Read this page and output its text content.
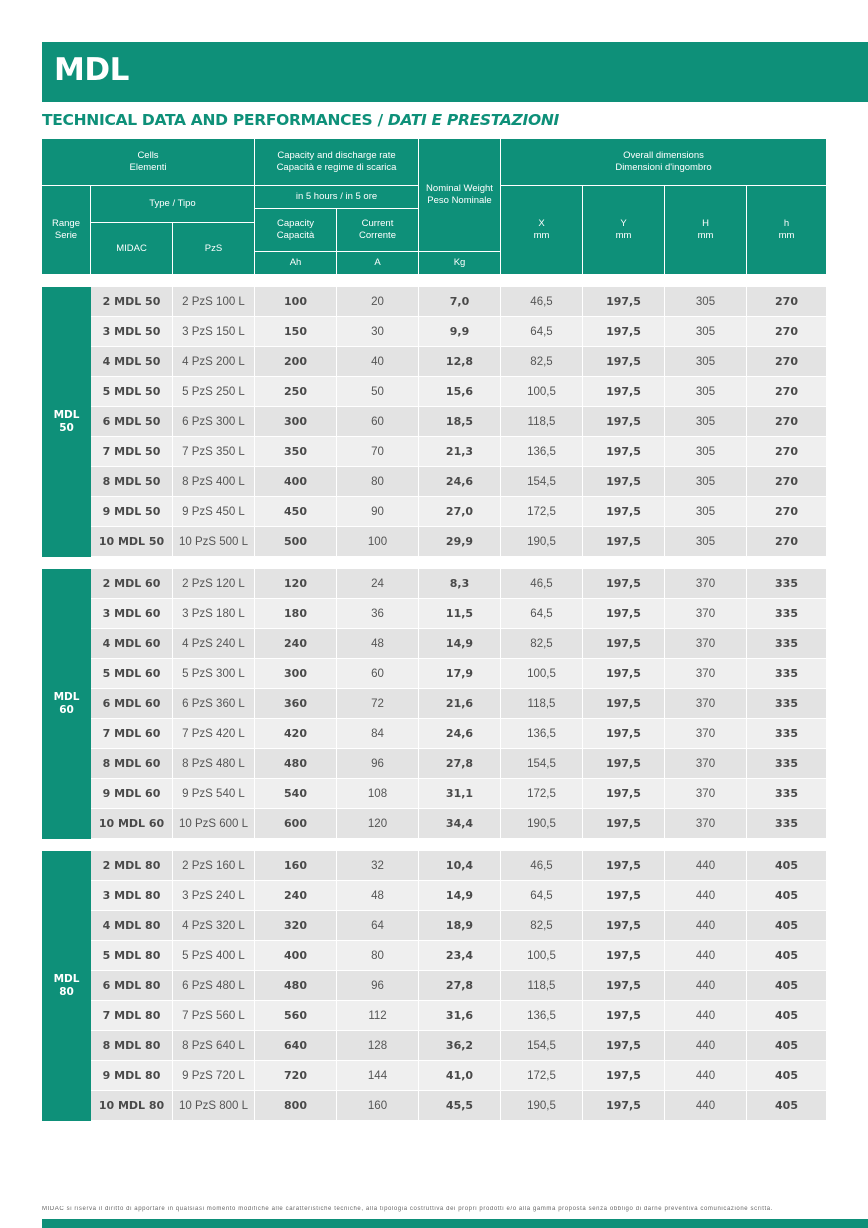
MDL
TECHNICAL DATA AND PERFORMANCES / DATI E PRESTAZIONI
Cells
Elementi
Capacity and discharge rate
Capacità e regime di scarica
Nominal Weight
Peso Nominale
Overall dimensions
Dimensioni d'ingombro
Range
Serie
Type / Tipo
in 5 hours / in 5 ore
MIDAC	PzS
Capacity
Capacità
Current
Corrente
Ah	A	Kg
X
mm
Y
mm
H
mm
h
mm
MDL
50
2 MDL 50	2 PzS 100 L	100	20	7,0	46,5	197,5	305	270
3 MDL 50	3 PzS 150 L	150	30	9,9	64,5	197,5	305	270
4 MDL 50	4 PzS 200 L	200	40	12,8	82,5	197,5	305	270
5 MDL 50	5 PzS 250 L	250	50	15,6	100,5	197,5	305	270
6 MDL 50	6 PzS 300 L	300	60	18,5	118,5	197,5	305	270
7 MDL 50	7 PzS 350 L	350	70	21,3	136,5	197,5	305	270
8 MDL 50	8 PzS 400 L	400	80	24,6	154,5	197,5	305	270
9 MDL 50	9 PzS 450 L	450	90	27,0	172,5	197,5	305	270
10 MDL 50	10 PzS 500 L	500	100	29,9	190,5	197,5	305	270
MDL
60
2 MDL 60	2 PzS 120 L	120	24	8,3	46,5	197,5	370	335
3 MDL 60	3 PzS 180 L	180	36	11,5	64,5	197,5	370	335
4 MDL 60	4 PzS 240 L	240	48	14,9	82,5	197,5	370	335
5 MDL 60	5 PzS 300 L	300	60	17,9	100,5	197,5	370	335
6 MDL 60	6 PzS 360 L	360	72	21,6	118,5	197,5	370	335
7 MDL 60	7 PzS 420 L	420	84	24,6	136,5	197,5	370	335
8 MDL 60	8 PzS 480 L	480	96	27,8	154,5	197,5	370	335
9 MDL 60	9 PzS 540 L	540	108	31,1	172,5	197,5	370	335
10 MDL 60	10 PzS 600 L	600	120	34,4	190,5	197,5	370	335
MDL
80
2 MDL 80	2 PzS 160 L	160	32	10,4	46,5	197,5	440	405
3 MDL 80	3 PzS 240 L	240	48	14,9	64,5	197,5	440	405
4 MDL 80	4 PzS 320 L	320	64	18,9	82,5	197,5	440	405
5 MDL 80	5 PzS 400 L	400	80	23,4	100,5	197,5	440	405
6 MDL 80	6 PzS 480 L	480	96	27,8	118,5	197,5	440	405
7 MDL 80	7 PzS 560 L	560	112	31,6	136,5	197,5	440	405
8 MDL 80	8 PzS 640 L	640	128	36,2	154,5	197,5	440	405
9 MDL 80	9 PzS 720 L	720	144	41,0	172,5	197,5	440	405
10 MDL 80	10 PzS 800 L	800	160	45,5	190,5	197,5	440	405
MIDAC si riserva il diritto di apportare in qualsiasi momento modifiche alle caratteristiche tecniche, alla tipologia costruttiva dei propri prodotti e/o alla gamma proposta senza obbligo di darne preventiva comunicazione scritta.
